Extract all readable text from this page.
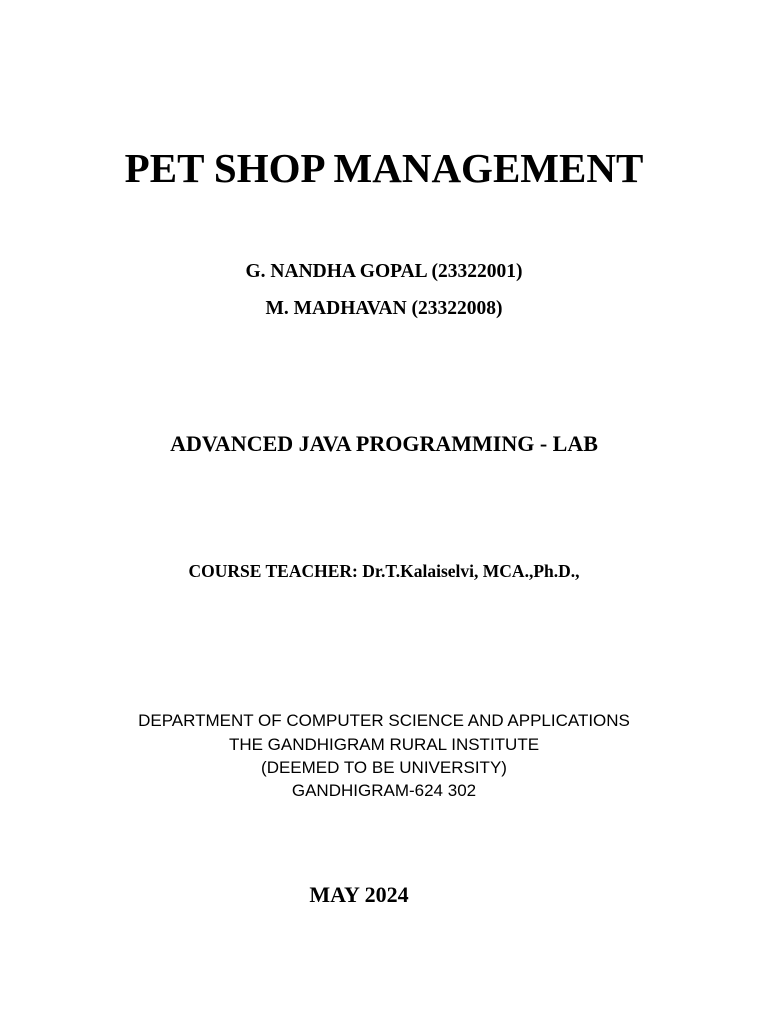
PET SHOP MANAGEMENT
G. NANDHA GOPAL (23322001)
M. MADHAVAN (23322008)
ADVANCED JAVA PROGRAMMING - LAB
COURSE TEACHER: Dr.T.Kalaiselvi, MCA.,Ph.D.,
DEPARTMENT OF COMPUTER SCIENCE AND APPLICATIONS
THE GANDHIGRAM RURAL INSTITUTE
(DEEMED TO BE UNIVERSITY)
GANDHIGRAM-624 302
MAY 2024
